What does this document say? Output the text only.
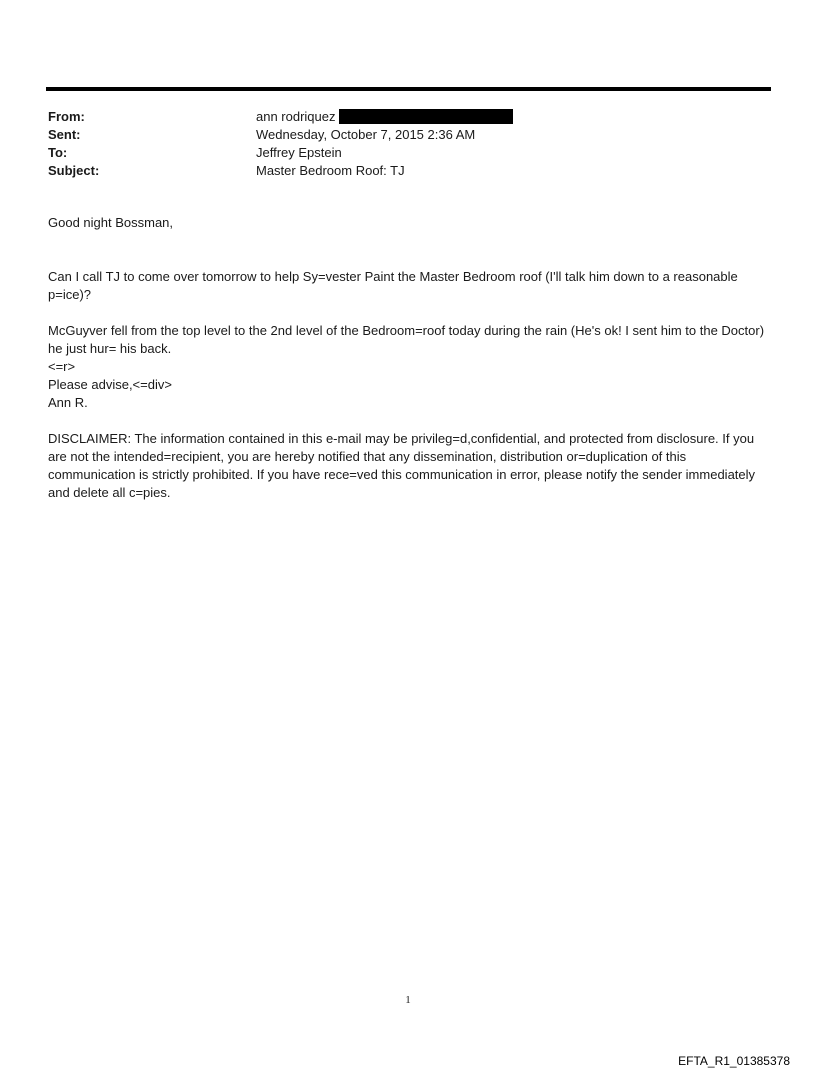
From:	ann rodriquez
Sent:	Wednesday, October 7, 2015 2:36 AM
To:	Jeffrey Epstein
Subject:	Master Bedroom Roof: TJ

Good night Bossman,

Can I call TJ to come over tomorrow to help Sy=vester Paint the Master Bedroom roof (I'll talk him down to a reasonable p=ice)?

McGuyver fell from the top level to the 2nd level of the Bedroom=roof today during the rain (He's ok! I sent him to the Doctor) he just hur= his back.

<=r>

Please advise,<=div>

Ann R.

DISCLAIMER: The information contained in this e-mail may be privileg=d,confidential, and protected from disclosure. If you are not the intended=recipient, you are hereby notified that any dissemination, distribution or=duplication of this communication is strictly prohibited. If you have rece=ved this communication in error, please notify the sender immediately and delete all c=pies.

1
EFTA_R1_01385378
